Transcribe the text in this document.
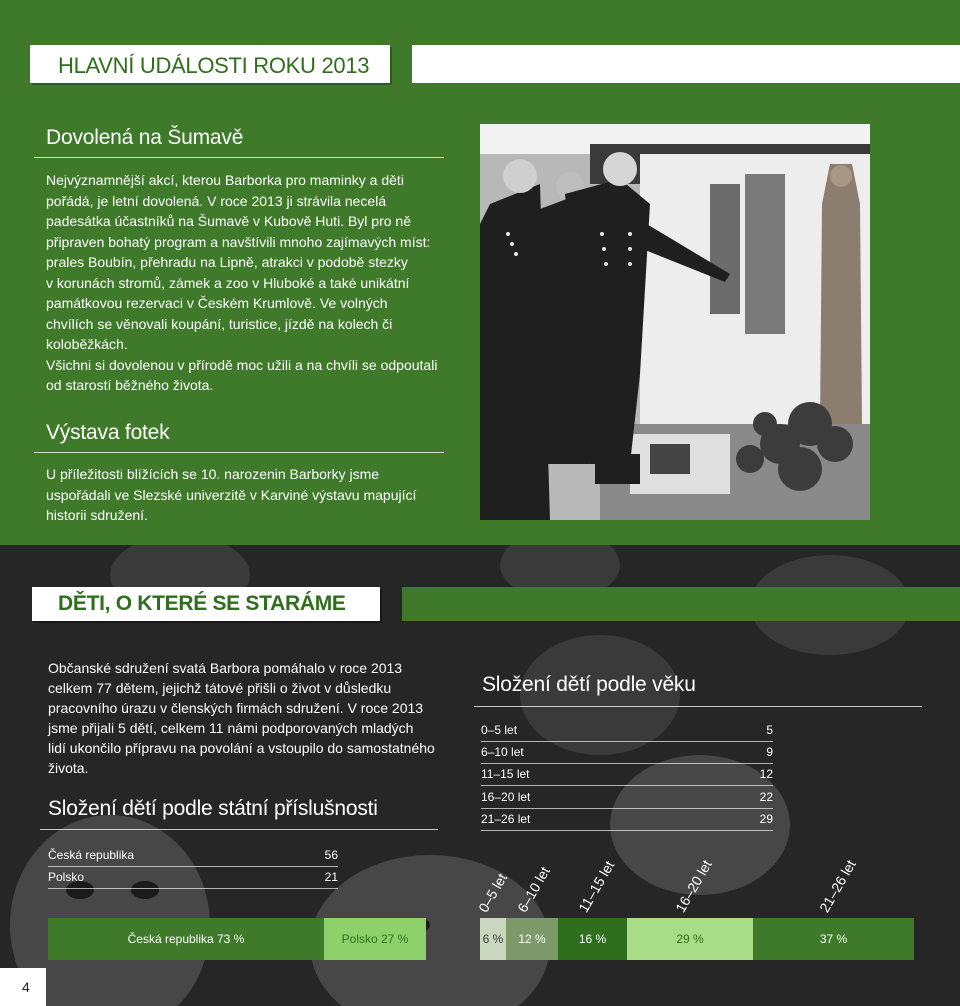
HLAVNÍ UDÁLOSTI ROKU 2013
Dovolená na Šumavě
Nejvýznamnější akcí, kterou Barborka pro maminky a děti
pořádá, je letní dovolená. V roce 2013 ji strávila necelá
padesátka účastníků na Šumavě v Kubově Huti. Byl pro ně
připraven bohatý program a navštívili mnoho zajímavých míst:
prales Boubín, přehradu na Lipně, atrakci v podobě stezky
v korunách stromů, zámek a zoo v Hluboké a také unikátní
památkovou rezervaci v Českém Krumlově. Ve volných
chvílích se věnovali koupání, turistice, jízdě na kolech či
koloběžkách.
Všichni si dovolenou v přírodě moc užili a na chvíli se odpoutali
od starostí běžného života.
Výstava fotek
U příležitosti blížících se 10. narozenin Barborky jsme
uspořádali ve Slezské univerzitě v Karviné výstavu mapující
historii sdružení.
DĚTI, O KTERÉ SE STARÁME
Občanské sdružení svatá Barbora pomáhalo v roce 2013
celkem 77 dětem, jejichž tátové přišli o život v důsledku
pracovního úrazu v členských firmách sdružení. V roce 2013
jsme přijali 5 dětí, celkem 11 námi podporovaných mladých
lidí ukončilo přípravu na povolání a vstoupilo do samostatného
života.
Složení dětí podle státní příslušnosti
Česká republika	56
Polsko	21
Složení dětí podle věku
0–5 let	5
6–10 let	9
11–15 let	12
16–20 let	22
21–26 let	29
Česká republika 73 %	Polsko 27 %
0–5 let 6–10 let 11–15 let	16–20 let	21–26 let
6 %	12 %	16 %	29 %	37 %
4
